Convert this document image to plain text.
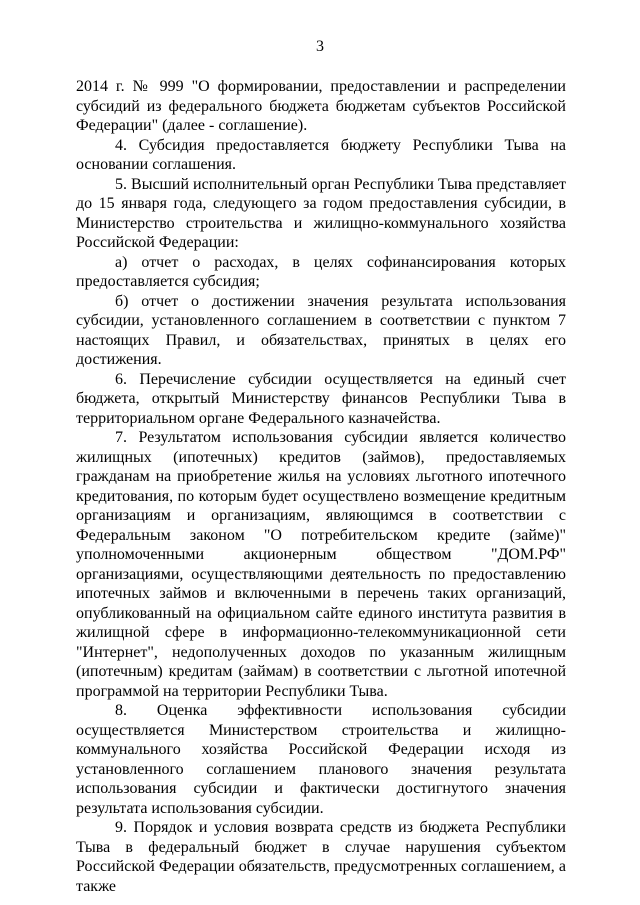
3

2014 г. № 999 "О формировании, предоставлении и распределении субсидий из федерального бюджета бюджетам субъектов Российской Федерации" (далее - соглашение).

4. Субсидия предоставляется бюджету Республики Тыва на основании соглашения.

5. Высший исполнительный орган Республики Тыва представляет до 15 января года, следующего за годом предоставления субсидии, в Министерство строительства и жилищно-коммунального хозяйства Российской Федерации:

а) отчет о расходах, в целях софинансирования которых предоставляется субсидия;

б) отчет о достижении значения результата использования субсидии, установленного соглашением в соответствии с пунктом 7 настоящих Правил, и обязательствах, принятых в целях его достижения.

6. Перечисление субсидии осуществляется на единый счет бюджета, открытый Министерству финансов Республики Тыва в территориальном органе Федерального казначейства.

7. Результатом использования субсидии является количество жилищных (ипотечных) кредитов (займов), предоставляемых гражданам на приобретение жилья на условиях льготного ипотечного кредитования, по которым будет осуществлено возмещение кредитным организациям и организациям, являющимся в соответствии с Федеральным законом "О потребительском кредите (займе)" уполномоченными акционерным обществом "ДОМ.РФ" организациями, осуществляющими деятельность по предоставлению ипотечных займов и включенными в перечень таких организаций, опубликованный на официальном сайте единого института развития в жилищной сфере в информационно-телекоммуникационной сети "Интернет", недополученных доходов по указанным жилищным (ипотечным) кредитам (займам) в соответствии с льготной ипотечной программой на территории Республики Тыва.

8. Оценка эффективности использования субсидии осуществляется Министерством строительства и жилищно-коммунального хозяйства Российской Федерации исходя из установленного соглашением планового значения результата использования субсидии и фактически достигнутого значения результата использования субсидии.

9. Порядок и условия возврата средств из бюджета Республики Тыва в федеральный бюджет в случае нарушения субъектом Российской Федерации обязательств, предусмотренных соглашением, а также
